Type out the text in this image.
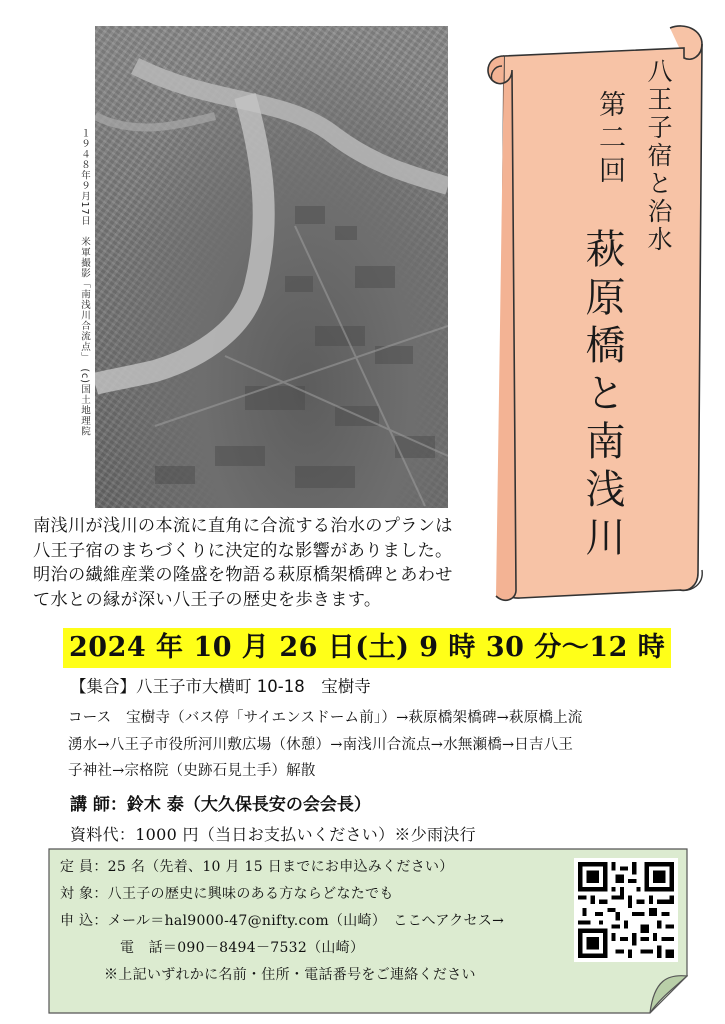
１９４８年９月17日　米軍撮影「南浅川合流点」　(c)国土地理院	八王子宿と治水
第二回
萩原橋と南浅川
南浅川が浅川の本流に直角に合流する治水のプランは
八王子宿のまちづくりに決定的な影響がありました。
明治の繊維産業の隆盛を物語る萩原橋架橋碑とあわせ
て水との縁が深い八王子の歴史を歩きます。
2024 年 10 月 26 日(土) 9 時 30 分～12 時
【集合】八王子市大横町 10-18　宝樹寺
コース　宝樹寺（バス停「サイエンスドーム前」）→萩原橋架橋碑→萩原橋上流
湧水→八王子市役所河川敷広場（休憩）→南浅川合流点→水無瀬橋→日吉八王
子神社→宗格院（史跡石見土手）解散
講 師：鈴木 泰（大久保長安の会会長）
資料代：1000 円（当日お支払いください）※少雨決行
定 員：25 名（先着、10 月 15 日までにお申込みください）
対 象：八王子の歴史に興味のある方ならどなたでも
申 込：メール＝hal9000-47@nifty.com（山崎）　ここへアクセス→
電　話＝090－8494－7532（山崎）
※上記いずれかに名前・住所・電話番号をご連絡ください
